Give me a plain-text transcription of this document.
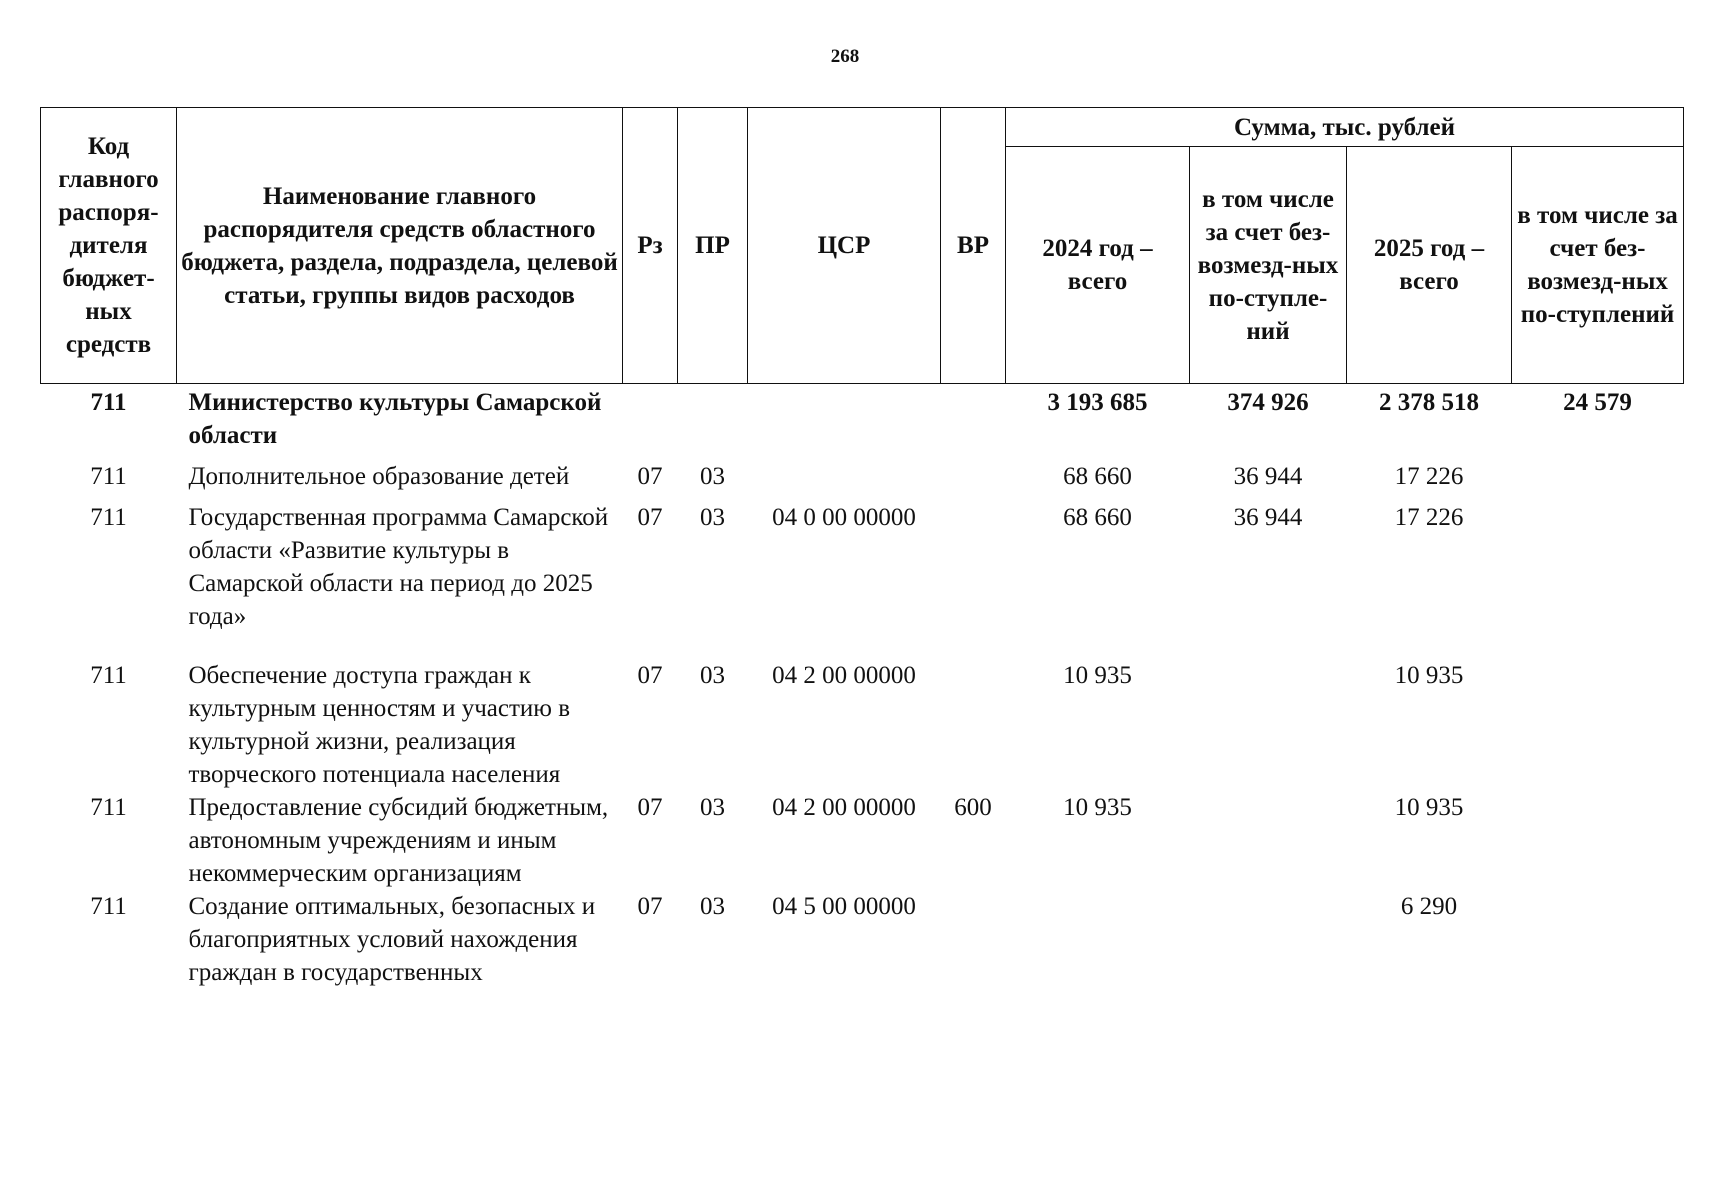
268
Код главного распоря-дителя бюджет-ных средств	Наименование главного распорядителя средств областного бюджета, раздела, подраздела, целевой статьи, группы видов расходов	Рз	ПР	ЦСР	ВР	Сумма, тыс. рублей			
						2024 год – всего	в том числе за счет без-возмезд-ных по-ступле-ний	2025 год – всего	в том числе за счет без-возмезд-ных по-ступлений
711	Министерство культуры Самарской области					3 193 685	374 926	2 378 518	24 579
711	Дополнительное образование детей	07	03			68 660	36 944	17 226	
711	Государственная программа Самарской области «Развитие культуры в Самарской области на период до 2025 года»	07	03	04 0 00 00000		68 660	36 944	17 226	
711	Обеспечение доступа граждан к культурным ценностям и участию в культурной жизни, реализация творческого потенциала населения	07	03	04 2 00 00000		10 935		10 935	
711	Предоставление субсидий бюджетным, автономным учреждениям и иным некоммерческим организациям	07	03	04 2 00 00000	600	10 935		10 935	
711	Создание оптимальных, безопасных и благоприятных условий нахождения граждан в государственных	07	03	04 5 00 00000				6 290	
